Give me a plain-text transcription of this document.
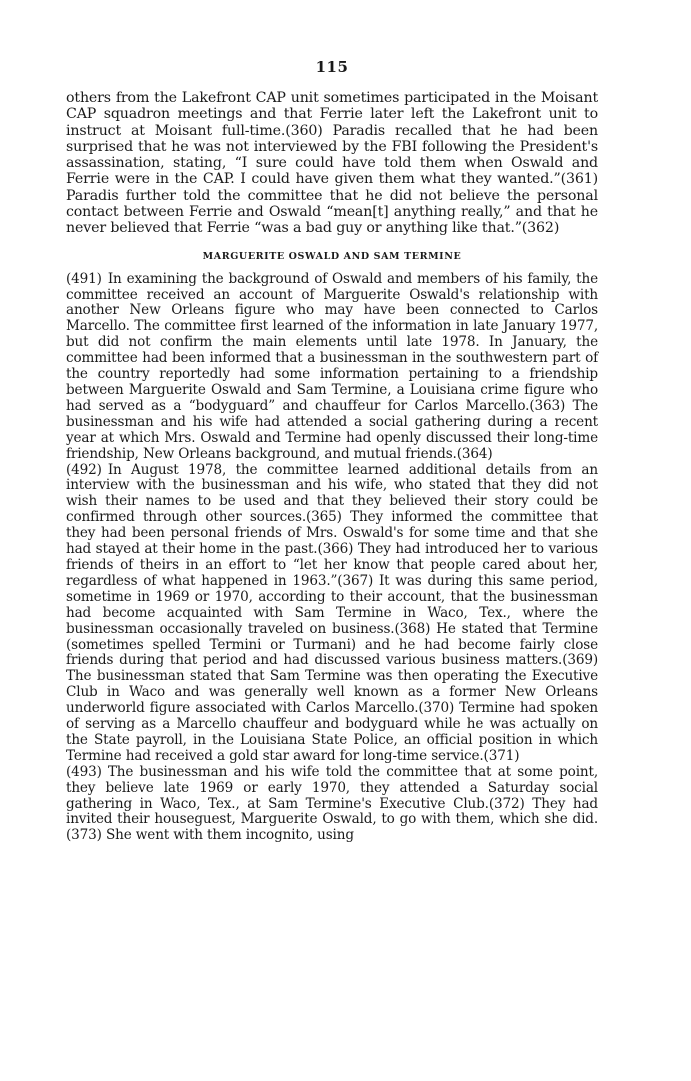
115

others from the Lakefront CAP unit sometimes participated in the Moisant CAP squadron meetings and that Ferrie later left the Lakefront unit to instruct at Moisant full-time.(360) Paradis recalled that he had been surprised that he was not interviewed by the FBI following the President's assassination, stating, “I sure could have told them when Oswald and Ferrie were in the CAP. I could have given them what they wanted.”(361) Paradis further told the committee that he did not believe the personal contact between Ferrie and Oswald “mean[t] anything really,” and that he never believed that Ferrie “was a bad guy or anything like that.”(362)

MARGUERITE OSWALD AND SAM TERMINE

(491) In examining the background of Oswald and members of his family, the committee received an account of Marguerite Oswald's relationship with another New Orleans figure who may have been connected to Carlos Marcello. The committee first learned of the information in late January 1977, but did not confirm the main elements until late 1978. In January, the committee had been informed that a businessman in the southwestern part of the country reportedly had some information pertaining to a friendship between Marguerite Oswald and Sam Termine, a Louisiana crime figure who had served as a “bodyguard” and chauffeur for Carlos Marcello.(363) The businessman and his wife had attended a social gathering during a recent year at which Mrs. Oswald and Termine had openly discussed their long-time friendship, New Orleans background, and mutual friends.(364)

(492) In August 1978, the committee learned additional details from an interview with the businessman and his wife, who stated that they did not wish their names to be used and that they believed their story could be confirmed through other sources.(365) They informed the committee that they had been personal friends of Mrs. Oswald's for some time and that she had stayed at their home in the past.(366) They had introduced her to various friends of theirs in an effort to “let her know that people cared about her, regardless of what happened in 1963.”(367) It was during this same period, sometime in 1969 or 1970, according to their account, that the businessman had become acquainted with Sam Termine in Waco, Tex., where the businessman occasionally traveled on business.(368) He stated that Termine (sometimes spelled Termini or Turmani) and he had become fairly close friends during that period and had discussed various business matters.(369) The businessman stated that Sam Termine was then operating the Executive Club in Waco and was generally well known as a former New Orleans underworld figure associated with Carlos Marcello.(370) Termine had spoken of serving as a Marcello chauffeur and bodyguard while he was actually on the State payroll, in the Louisiana State Police, an official position in which Termine had received a gold star award for long-time service.(371)

(493) The businessman and his wife told the committee that at some point, they believe late 1969 or early 1970, they attended a Saturday social gathering in Waco, Tex., at Sam Termine's Executive Club.(372) They had invited their houseguest, Marguerite Oswald, to go with them, which she did.(373) She went with them incognito, using
